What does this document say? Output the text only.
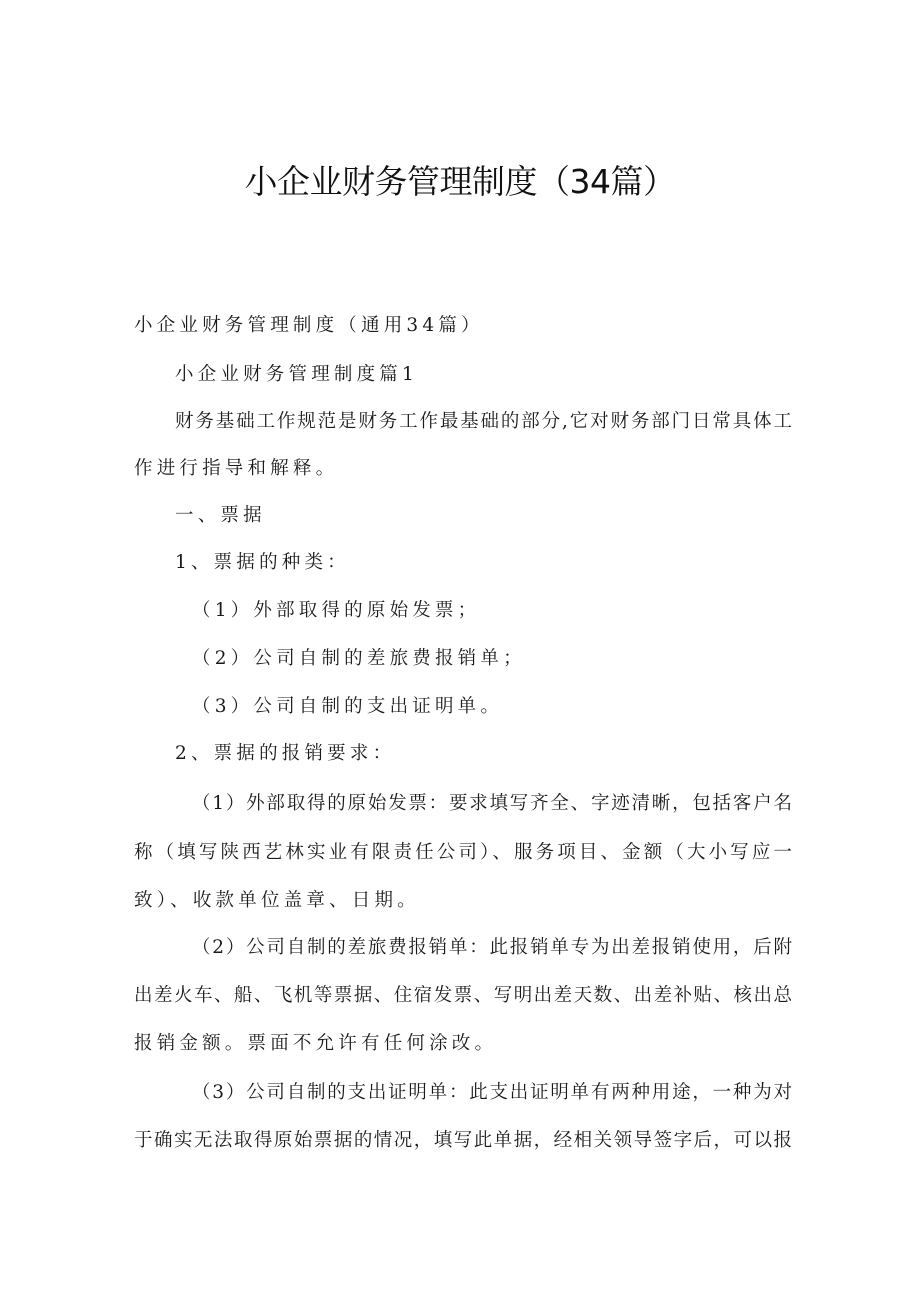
小企业财务管理制度（34篇）
小企业财务管理制度（通用34篇）
小企业财务管理制度篇1
财务基础工作规范是财务工作最基础的部分,它对财务部门日常具体工
作进行指导和解释。
一、票据
1、票据的种类：
（1）外部取得的原始发票；
（2）公司自制的差旅费报销单；
（3）公司自制的支出证明单。
2、票据的报销要求：
（1）外部取得的原始发票：要求填写齐全、字迹清晰，包括客户名
称（填写陕西艺林实业有限责任公司）、服务项目、金额（大小写应一
致）、收款单位盖章、日期。
（2）公司自制的差旅费报销单：此报销单专为出差报销使用，后附
出差火车、船、飞机等票据、住宿发票、写明出差天数、出差补贴、核出总
报销金额。票面不允许有任何涂改。
（3）公司自制的支出证明单：此支出证明单有两种用途，一种为对
于确实无法取得原始票据的情况，填写此单据，经相关领导签字后，可以报
